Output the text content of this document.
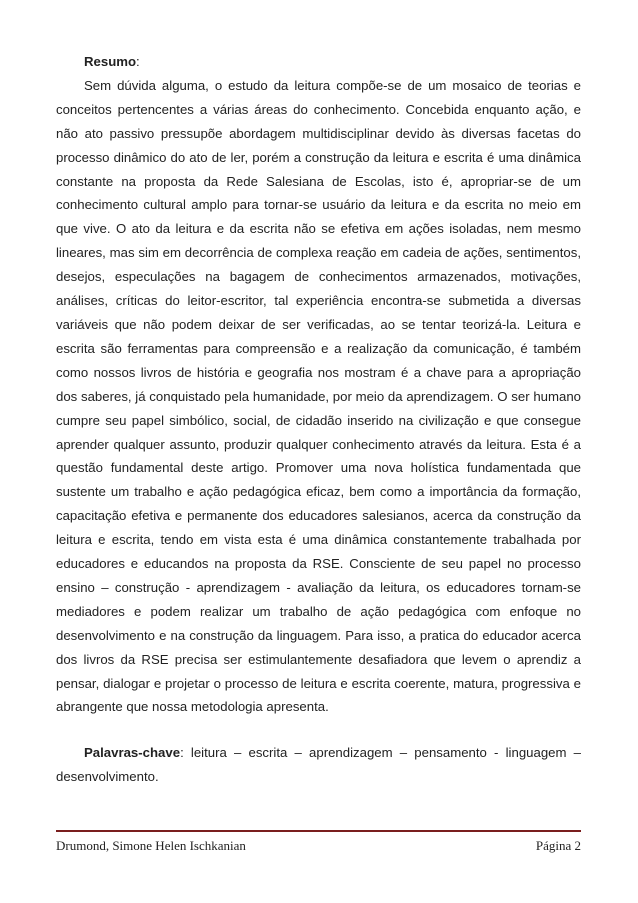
Resumo:

Sem dúvida alguma, o estudo da leitura compõe-se de um mosaico de teorias e conceitos pertencentes a várias áreas do conhecimento. Concebida enquanto ação, e não ato passivo pressupõe abordagem multidisciplinar devido às diversas facetas do processo dinâmico do ato de ler, porém a construção da leitura e escrita é uma dinâmica constante na proposta da Rede Salesiana de Escolas, isto é, apropriar-se de um conhecimento cultural amplo para tornar-se usuário da leitura e da escrita no meio em que vive. O ato da leitura e da escrita não se efetiva em ações isoladas, nem mesmo lineares, mas sim em decorrência de complexa reação em cadeia de ações, sentimentos, desejos, especulações na bagagem de conhecimentos armazenados, motivações, análises, críticas do leitor-escritor, tal experiência encontra-se submetida a diversas variáveis que não podem deixar de ser verificadas, ao se tentar teorizá-la. Leitura e escrita são ferramentas para compreensão e a realização da comunicação, é também como nossos livros de história e geografia nos mostram é a chave para a apropriação dos saberes, já conquistado pela humanidade, por meio da aprendizagem. O ser humano cumpre seu papel simbólico, social, de cidadão inserido na civilização e que consegue aprender qualquer assunto, produzir qualquer conhecimento através da leitura. Esta é a questão fundamental deste artigo. Promover uma nova holística fundamentada que sustente um trabalho e ação pedagógica eficaz, bem como a importância da formação, capacitação efetiva e permanente dos educadores salesianos, acerca da construção da leitura e escrita, tendo em vista esta é uma dinâmica constantemente trabalhada por educadores e educandos na proposta da RSE. Consciente de seu papel no processo ensino – construção - aprendizagem - avaliação da leitura, os educadores tornam-se mediadores e podem realizar um trabalho de ação pedagógica com enfoque no desenvolvimento e na construção da linguagem. Para isso, a pratica do educador acerca dos livros da RSE precisa ser estimulantemente desafiadora que levem o aprendiz a pensar, dialogar e projetar o processo de leitura e escrita coerente, matura, progressiva e abrangente que nossa metodologia apresenta.

Palavras-chave: leitura – escrita – aprendizagem – pensamento - linguagem – desenvolvimento.

Drumond, Simone Helen Ischkanian	Página 2
